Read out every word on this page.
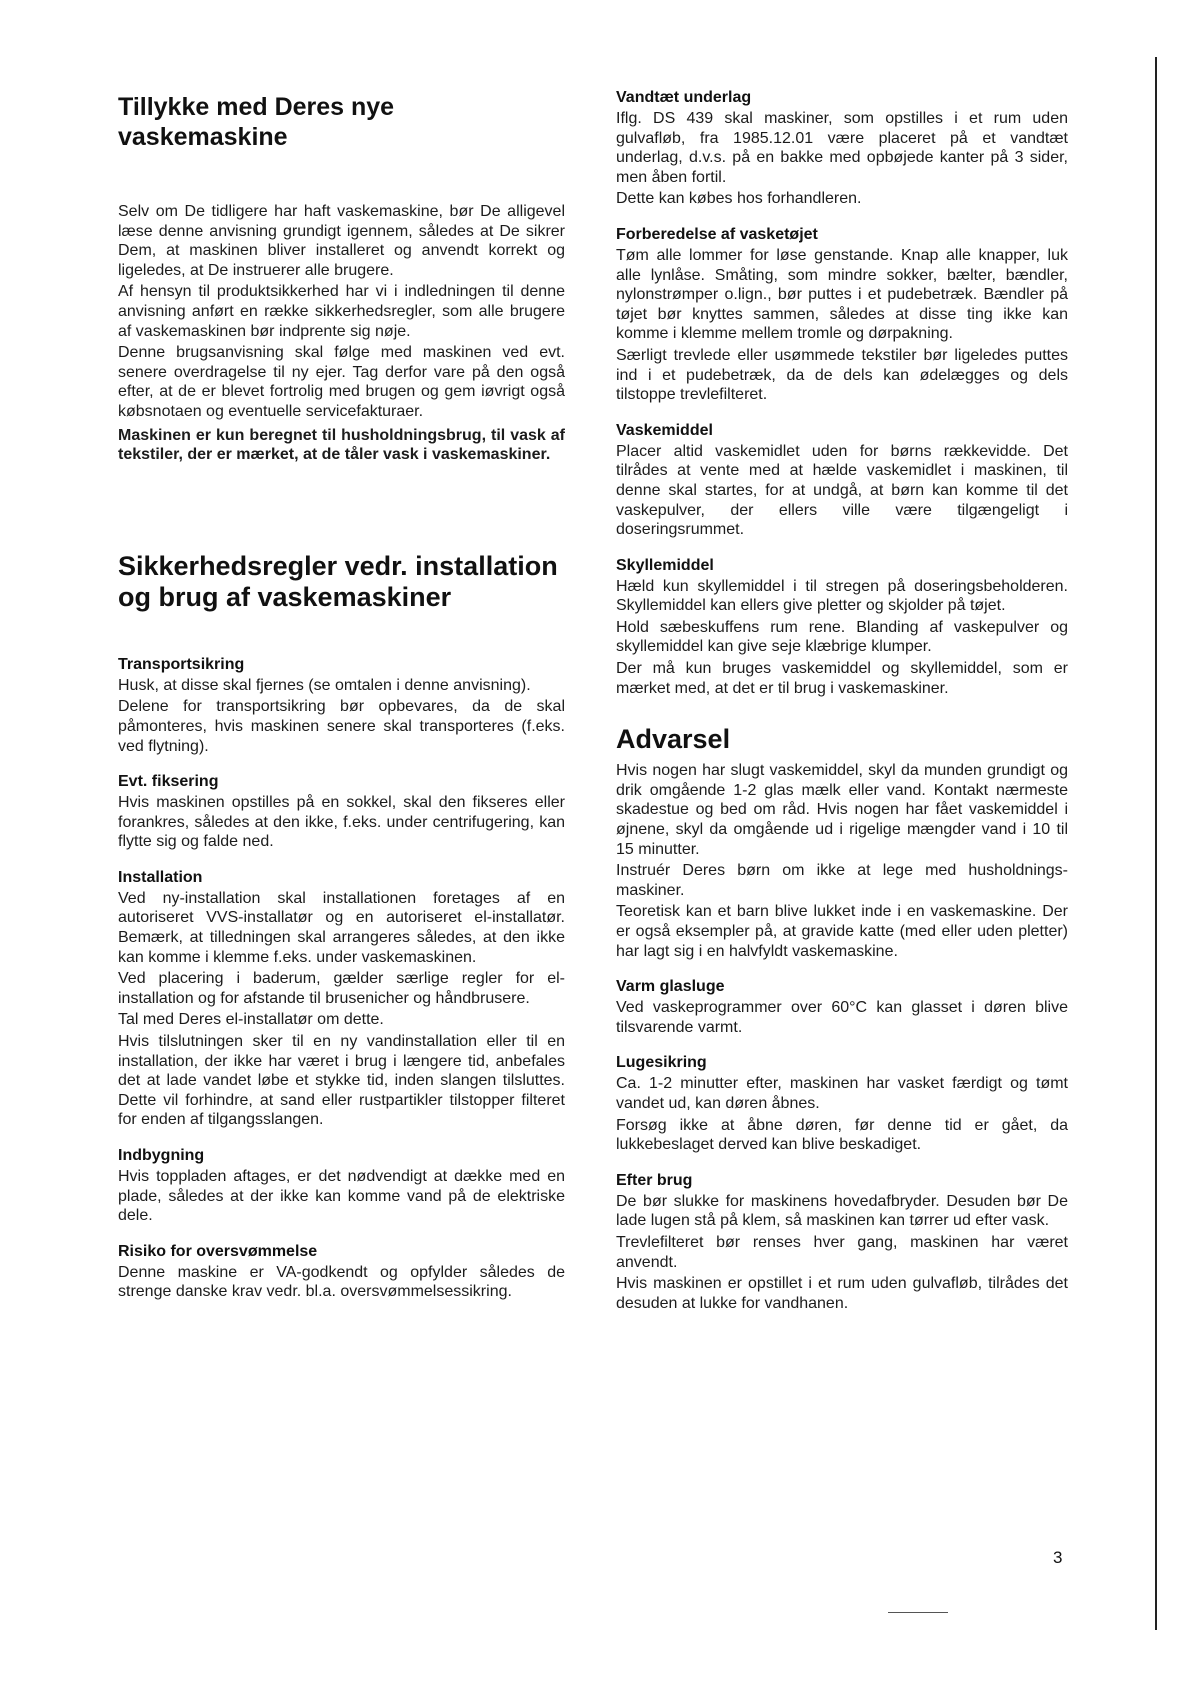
3
Tillykke med Deres nye vaskemaskine

Selv om De tidligere har haft vaskemaskine, bør De alligevel læse denne anvisning grundigt igennem, således at De sikrer Dem, at maskinen bliver installeret og anvendt korrekt og ligeledes, at De instruerer alle brugere.

Af hensyn til produktsikkerhed har vi i indledningen til denne anvisning anført en række sikkerhedsregler, som alle brugere af vaskemaskinen bør indprente sig nøje.

Denne brugsanvisning skal følge med maskinen ved evt. senere overdragelse til ny ejer. Tag derfor vare på den også efter, at de er blevet fortrolig med brugen og gem iøvrigt også købsnotaen og eventuelle servicefakturaer.

Maskinen er kun beregnet til husholdningsbrug, til vask af tekstiler, der er mærket, at de tåler vask i vaskemaskiner.

Sikkerhedsregler vedr. installation og brug af vaskemaskiner
Transportsikring

Husk, at disse skal fjernes (se omtalen i denne anvisning).

Delene for transportsikring bør opbevares, da de skal påmonteres, hvis maskinen senere skal transporteres (f.eks. ved flytning).

Evt. fiksering

Hvis maskinen opstilles på en sokkel, skal den fikseres eller forankres, således at den ikke, f.eks. under centrifugering, kan flytte sig og falde ned.

Installation

Ved ny-installation skal installationen foretages af en autoriseret VVS-installatør og en autoriseret el-installatør. Bemærk, at tilledningen skal arrangeres således, at den ikke kan komme i klemme f.eks. under vaskemaskinen.

Ved placering i baderum, gælder særlige regler for el-installation og for afstande til brusenicher og håndbrusere.

Tal med Deres el-installatør om dette.

Hvis tilslutningen sker til en ny vandinstallation eller til en installation, der ikke har været i brug i længere tid, anbefales det at lade vandet løbe et stykke tid, inden slangen tilsluttes. Dette vil forhindre, at sand eller rustpartikler tilstopper filteret for enden af tilgangsslangen.

Indbygning

Hvis toppladen aftages, er det nødvendigt at dække med en plade, således at der ikke kan komme vand på de elektriske dele.

Risiko for oversvømmelse

Denne maskine er VA-godkendt og opfylder således de strenge danske krav vedr. bl.a. oversvømmelsessikring.

Vandtæt underlag

Iflg. DS 439 skal maskiner, som opstilles i et rum uden gulvafløb, fra 1985.12.01 være placeret på et vandtæt underlag, d.v.s. på en bakke med opbøjede kanter på 3 sider, men åben fortil.

Dette kan købes hos forhandleren.

Forberedelse af vasketøjet

Tøm alle lommer for løse genstande. Knap alle knapper, luk alle lynlåse. Småting, som mindre sokker, bælter, bændler, nylonstrømper o.lign., bør puttes i et pudebetræk. Bændler på tøjet bør knyttes sammen, således at disse ting ikke kan komme i klemme mellem tromle og dørpakning.

Særligt trevlede eller usømmede tekstiler bør ligeledes puttes ind i et pudebetræk, da de dels kan ødelægges og dels tilstoppe trevlefilteret.

Vaskemiddel

Placer altid vaskemidlet uden for børns rækkevidde. Det tilrådes at vente med at hælde vaskemidlet i maskinen, til denne skal startes, for at undgå, at børn kan komme til det vaskepulver, der ellers ville være tilgængeligt i doseringsrummet.

Skyllemiddel

Hæld kun skyllemiddel i til stregen på doseringsbeholderen. Skyllemiddel kan ellers give pletter og skjolder på tøjet.

Hold sæbeskuffens rum rene. Blanding af vaskepulver og skyllemiddel kan give seje klæbrige klumper.

Der må kun bruges vaskemiddel og skyllemiddel, som er mærket med, at det er til brug i vaskemaskiner.

Advarsel

Hvis nogen har slugt vaskemiddel, skyl da munden grundigt og drik omgående 1-2 glas mælk eller vand. Kontakt nærmeste skadestue og bed om råd. Hvis nogen har fået vaskemiddel i øjnene, skyl da omgående ud i rigelige mængder vand i 10 til 15 minutter.

Instruér Deres børn om ikke at lege med husholdnings-maskiner.

Teoretisk kan et barn blive lukket inde i en vaskemaskine. Der er også eksempler på, at gravide katte (med eller uden pletter) har lagt sig i en halvfyldt vaskemaskine.

Varm glasluge

Ved vaskeprogrammer over 60°C kan glasset i døren blive tilsvarende varmt.

Lugesikring

Ca. 1-2 minutter efter, maskinen har vasket færdigt og tømt vandet ud, kan døren åbnes.

Forsøg ikke at åbne døren, før denne tid er gået, da lukkebeslaget derved kan blive beskadiget.

Efter brug

De bør slukke for maskinens hovedafbryder. Desuden bør De lade lugen stå på klem, så maskinen kan tørrer ud efter vask.

Trevlefilteret bør renses hver gang, maskinen har været anvendt.

Hvis maskinen er opstillet i et rum uden gulvafløb, tilrådes det desuden at lukke for vandhanen.
